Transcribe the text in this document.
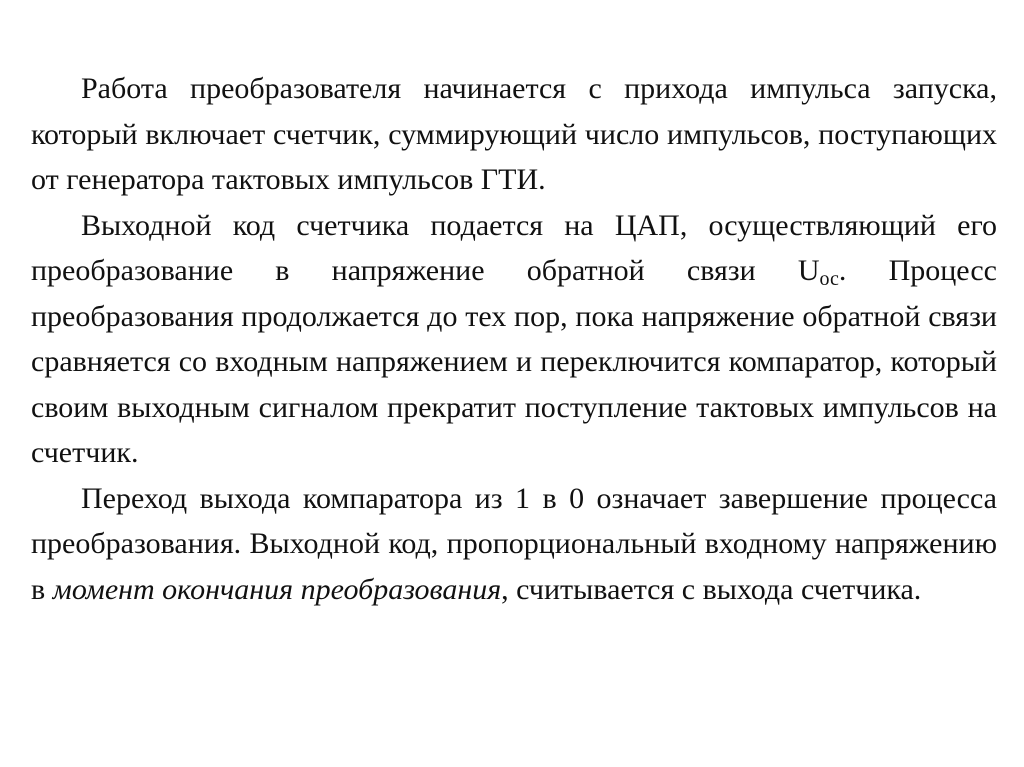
Работа преобразователя начинается с прихода импульса запуска, который включает счетчик, суммирующий число импульсов, поступающих от генератора тактовых импульсов ГТИ.

Выходной код счетчика подается на ЦАП, осуществляющий его преобразование в напряжение обратной связи $U_{ос}$. Процесс преобразования продолжается до тех пор, пока напряжение обратной связи сравняется со входным напряжением и переключится компаратор, который своим выходным сигналом прекратит поступление тактовых импульсов на счетчик.

Переход выхода компаратора из 1 в 0 означает завершение процесса преобразования. Выходной код, пропорциональный входному напряжению в момент окончания преобразования, считывается с выхода счетчика.
